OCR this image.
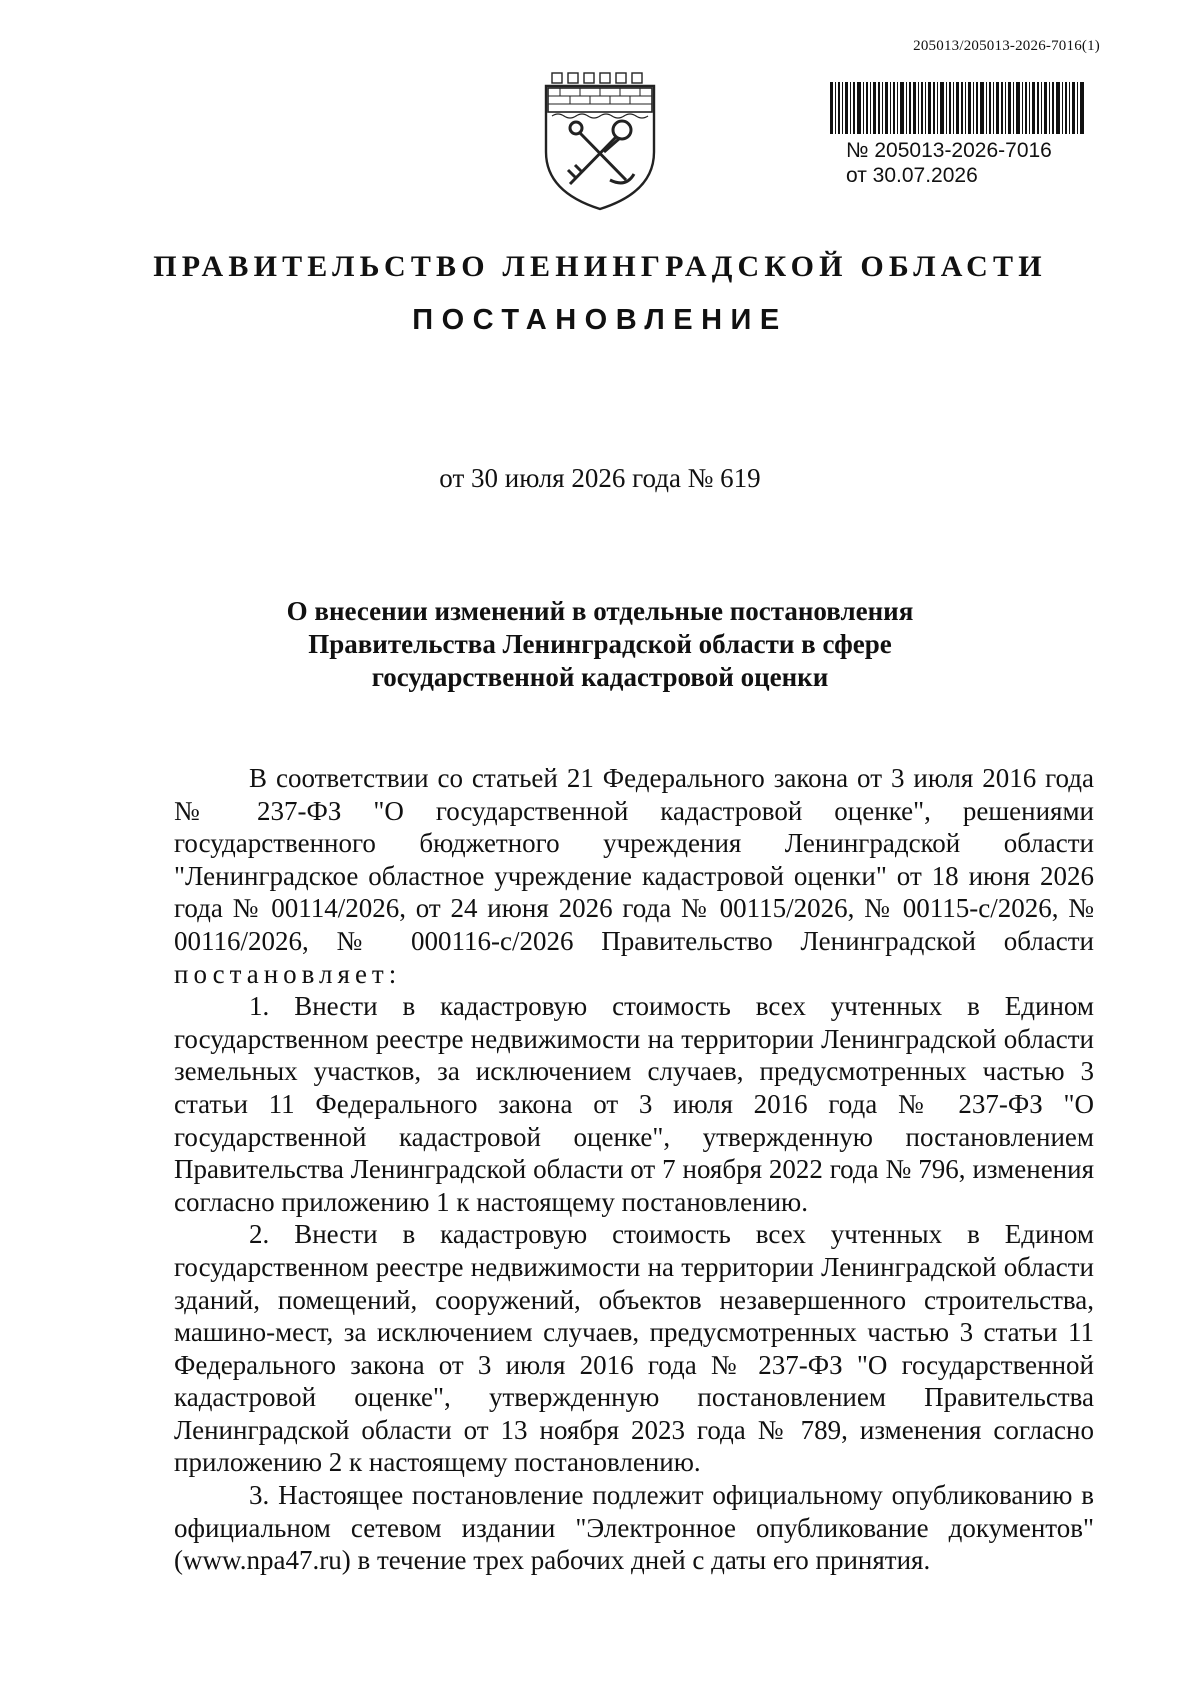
205013/205013-2026-7016(1)
№ 205013-2026-7016
от 30.07.2026
ПРАВИТЕЛЬСТВО ЛЕНИНГРАДСКОЙ ОБЛАСТИ
ПОСТАНОВЛЕНИЕ
от 30 июля 2026 года № 619
О внесении изменений в отдельные постановления
Правительства Ленинградской области в сфере
государственной кадастровой оценки

В соответствии со статьей 21 Федерального закона от 3 июля 2016 года № 237-ФЗ "О государственной кадастровой оценке", решениями государственного бюджетного учреждения Ленинградской области "Ленинградское областное учреждение кадастровой оценки" от 18 июня 2026 года № 00114/2026, от 24 июня 2026 года № 00115/2026, № 00115-с/2026, № 00116/2026, № 000116-с/2026 Правительство Ленинградской области постановляет:

1. Внести в кадастровую стоимость всех учтенных в Едином государственном реестре недвижимости на территории Ленинградской области земельных участков, за исключением случаев, предусмотренных частью 3 статьи 11 Федерального закона от 3 июля 2016 года № 237-ФЗ "О государственной кадастровой оценке", утвержденную постановлением Правительства Ленинградской области от 7 ноября 2022 года № 796, изменения согласно приложению 1 к настоящему постановлению.

2. Внести в кадастровую стоимость всех учтенных в Едином государственном реестре недвижимости на территории Ленинградской области зданий, помещений, сооружений, объектов незавершенного строительства, машино-мест, за исключением случаев, предусмотренных частью 3 статьи 11 Федерального закона от 3 июля 2016 года № 237-ФЗ "О государственной кадастровой оценке", утвержденную постановлением Правительства Ленинградской области от 13 ноября 2023 года № 789, изменения согласно приложению 2 к настоящему постановлению.

3. Настоящее постановление подлежит официальному опубликованию в официальном сетевом издании "Электронное опубликование документов" (www.npa47.ru) в течение трех рабочих дней с даты его принятия.
